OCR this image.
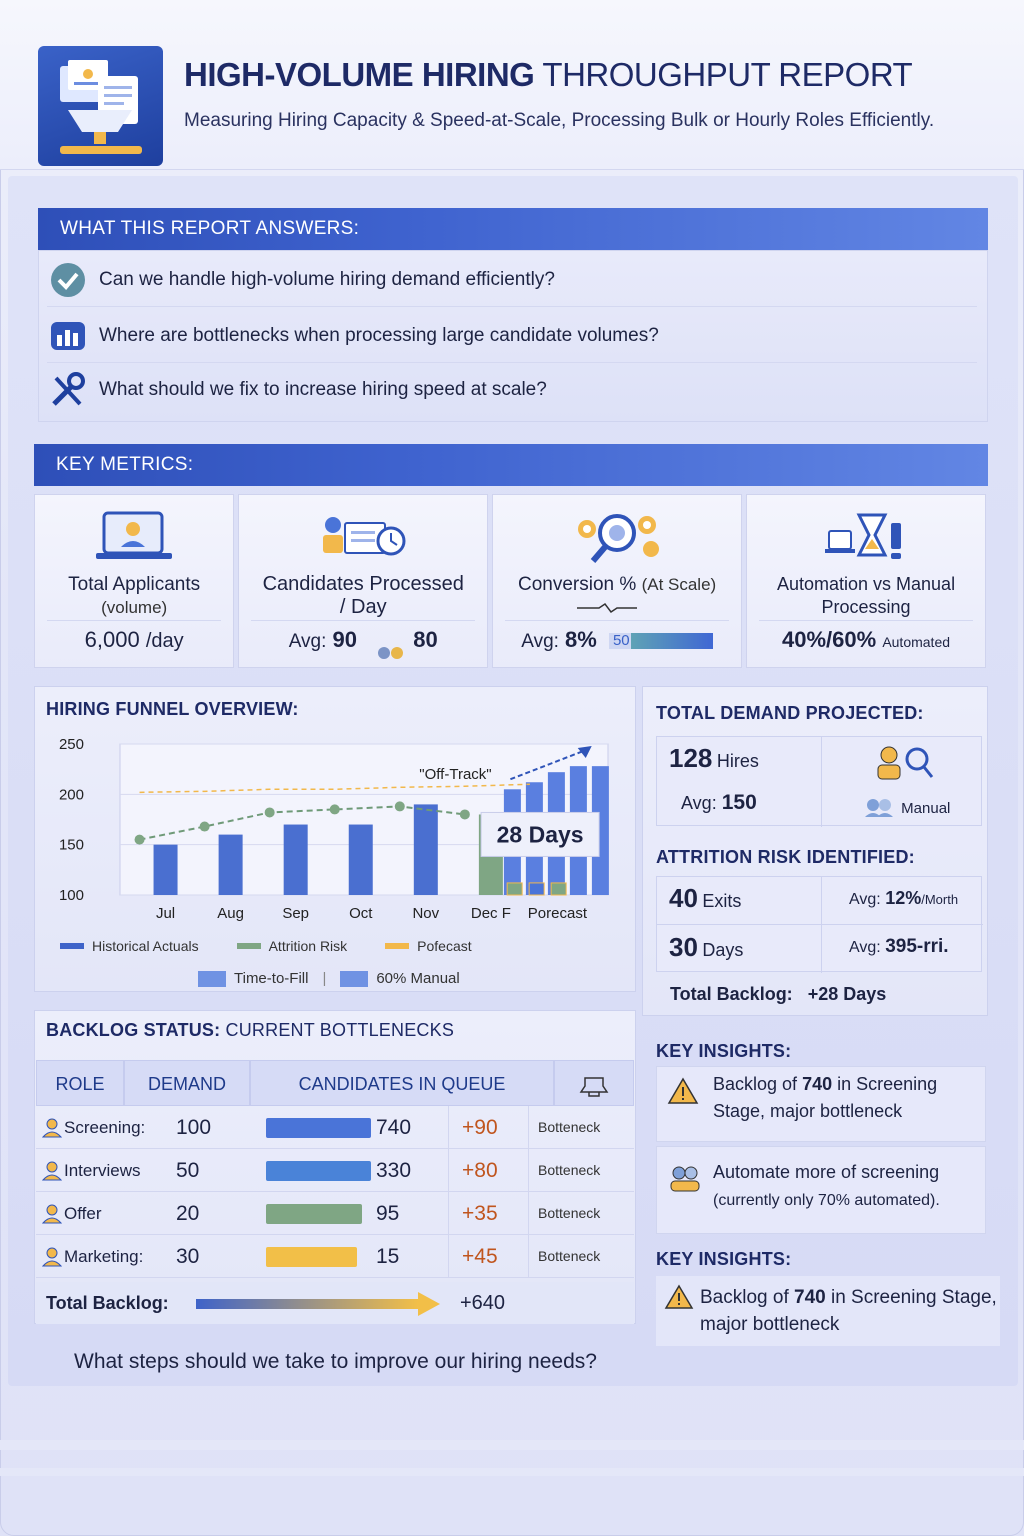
HIGH-VOLUME HIRING THROUGHPUT REPORT
Measuring Hiring Capacity & Speed-at-Scale, Processing Bulk or Hourly Roles Efficiently.
WHAT THIS REPORT ANSWERS:
Can we handle high-volume hiring demand efficiently?
Where are bottlenecks when processing large candidate volumes?
What should we fix to increase hiring speed at scale?
KEY METRICS:
Total Applicants
(volume)
6,000 /day
Candidates Processed
/ Day
Avg: 90	80
Conversion % (At Scale)
Avg: 8% 50
Automation vs Manual
Processing
40%/60% Automated
HIRING FUNNEL OVERVIEW:
250
200
150
100
"Off-Track"
28 Days
Jul	Aug	Sep	Oct	Nov Dec F Porecast
Historical Actuals	Attrition Risk	Pofecast
Time-to-Fill |	60% Manual
TOTAL DEMAND PROJECTED:
128 Hires
Avg: 150	Manual
ATTRITION RISK IDENTIFIED:
40 Exits	Avg: 12%/Morth
30 Days	Avg: 395-rri.
Total Backlog: +28 Days
BACKLOG STATUS: CURRENT BOTTLENECKS
ROLE	DEMAND	CANDIDATES IN QUEUE
Screening: 100	740 +90	Botteneck
Interviews 50	330 +80	Botteneck
Offer	20	95	+35	Botteneck
Marketing: 30	15	+45	Botteneck
Total Backlog:	+640
KEY INSIGHTS:
Backlog of 740 in Screening Stage, major bottleneck
Automate more of screening
(currently only 70% automated).
KEY INSIGHTS:
Backlog of 740 in Screening Stage, major bottleneck
What steps should we take to improve our hiring needs?
